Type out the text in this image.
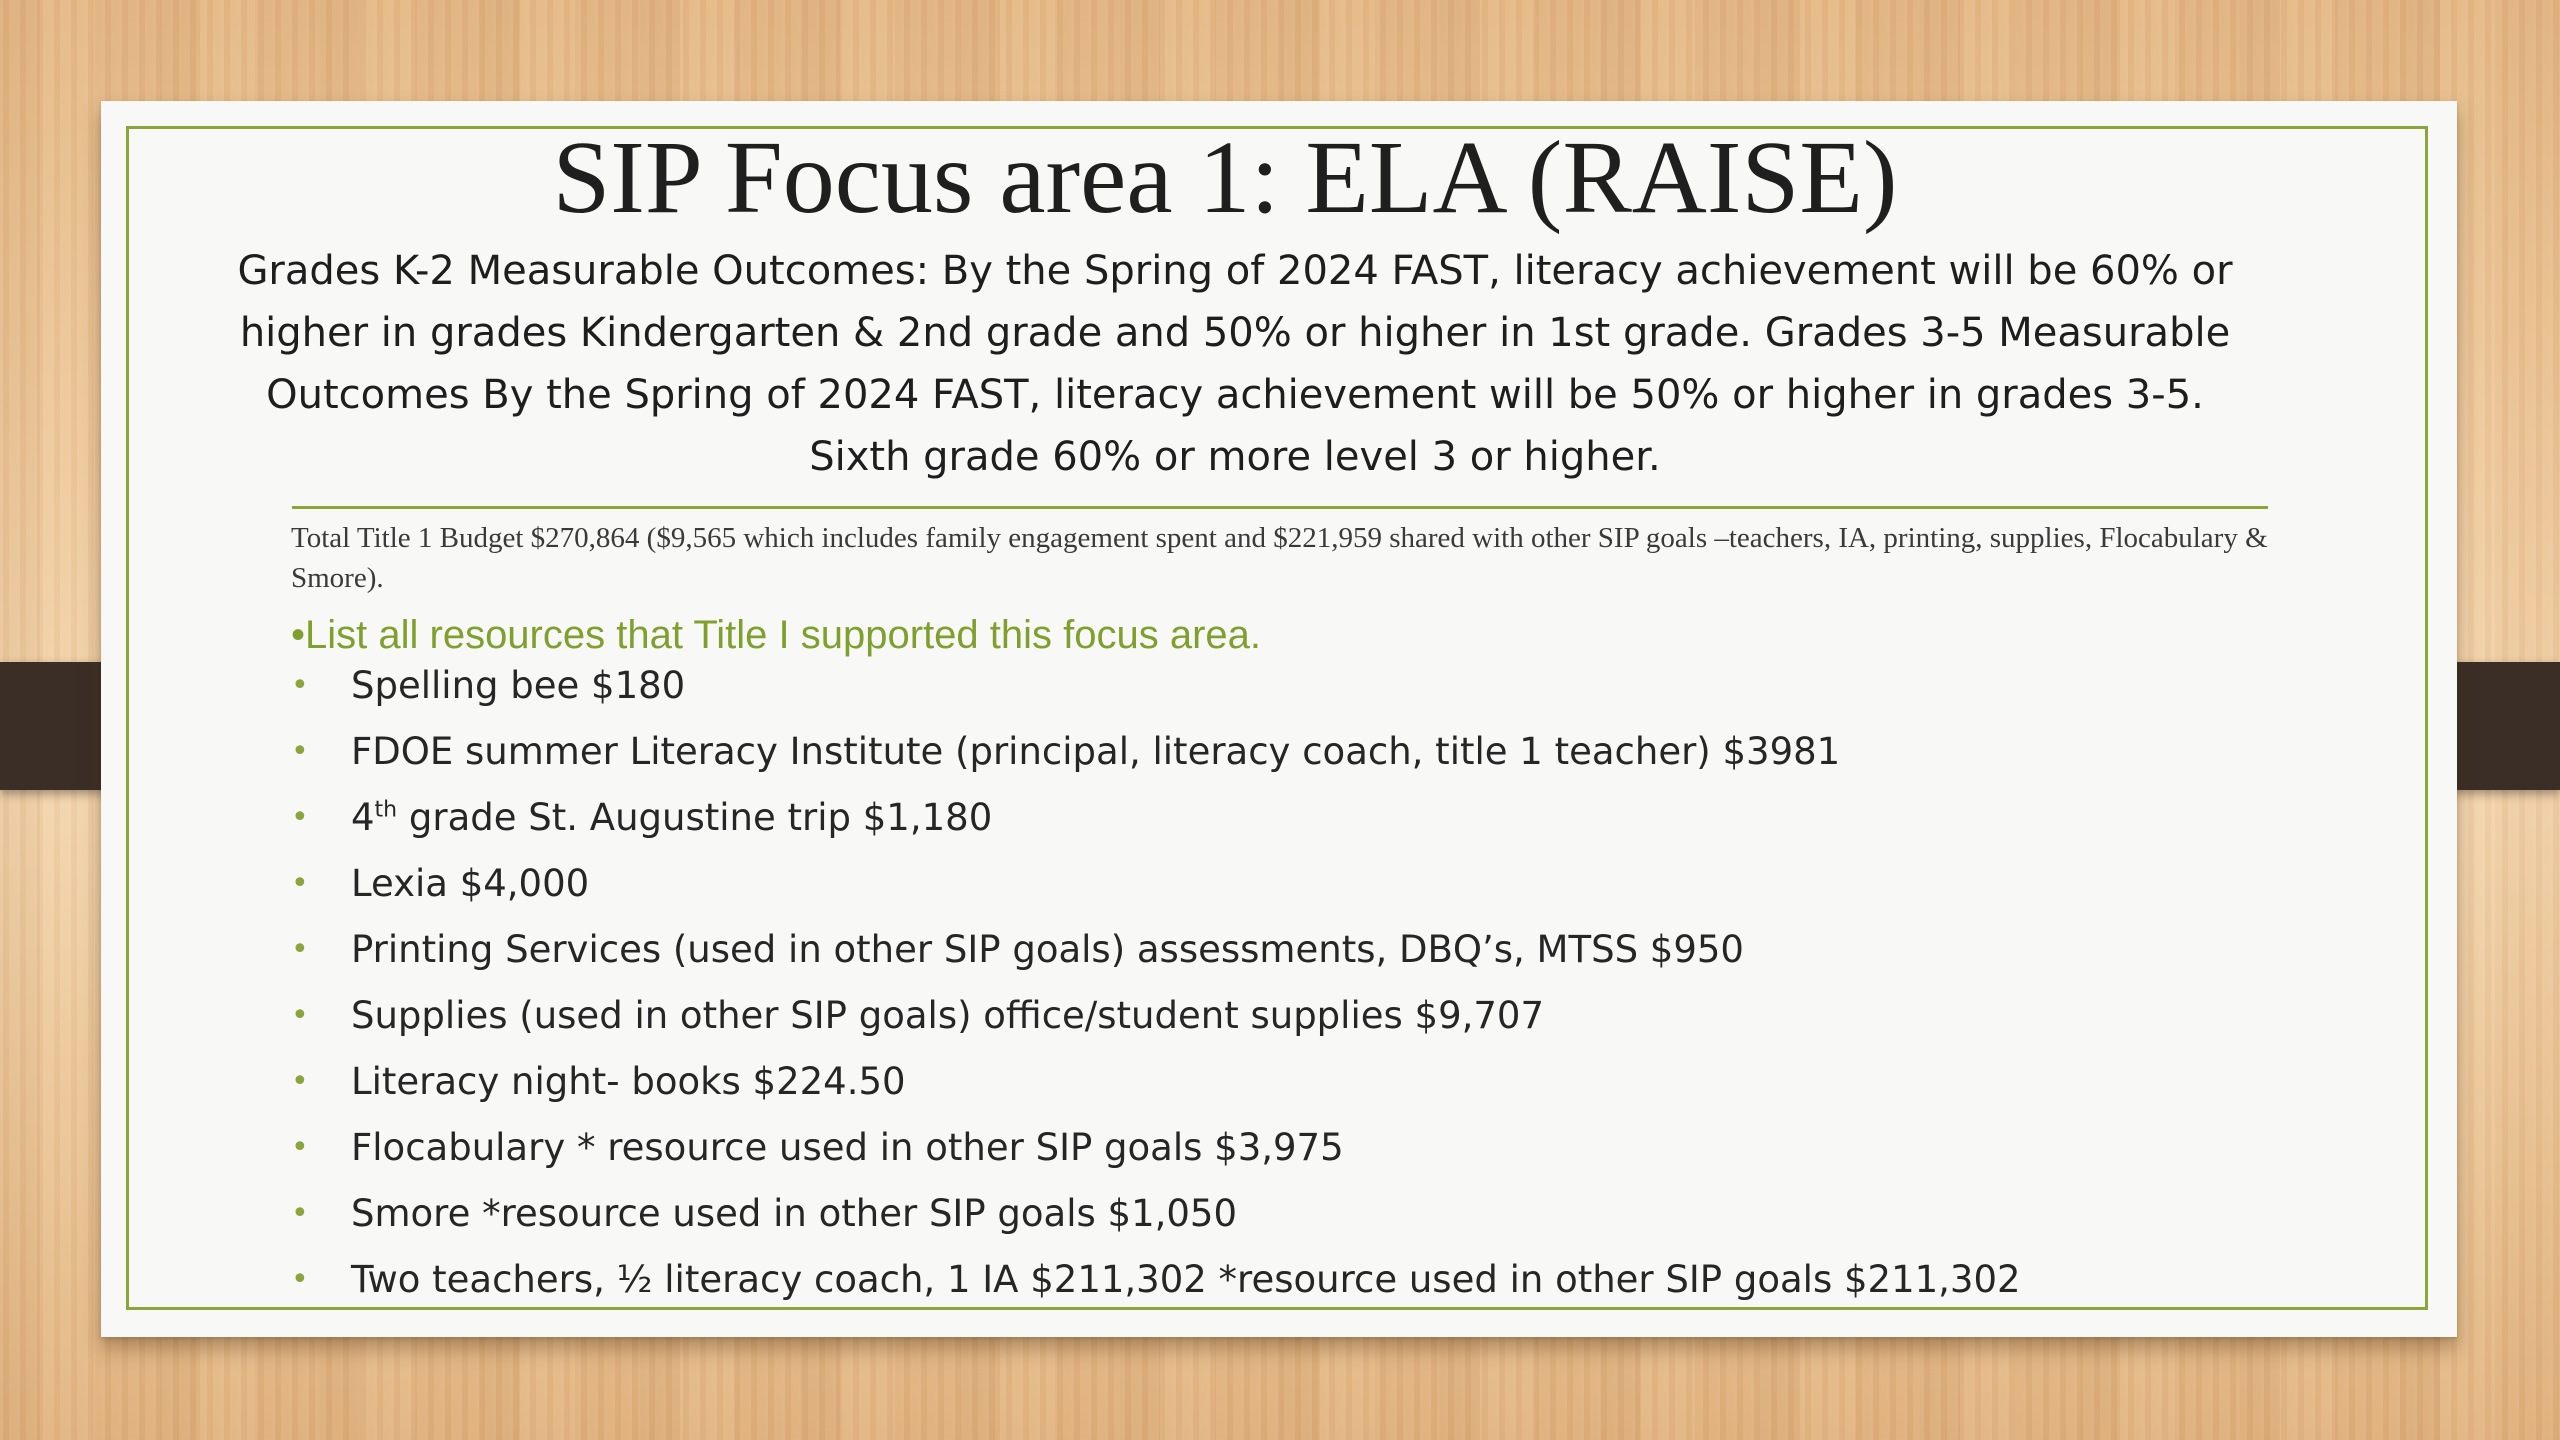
SIP Focus area 1: ELA (RAISE)
Grades K-2 Measurable Outcomes: By the Spring of 2024 FAST, literacy achievement will be 60% or higher in grades Kindergarten & 2nd grade and 50% or higher in 1st grade. Grades 3-5 Measurable Outcomes By the Spring of 2024 FAST, literacy achievement will be 50% or higher in grades 3-5. Sixth grade 60% or more level 3 or higher.
Total Title 1 Budget $270,864 ($9,565 which includes family engagement spent and $221,959 shared with other SIP goals –teachers, IA, printing, supplies, Flocabulary & Smore).
•List all resources that Title I supported this focus area.
•	Spelling bee $180
•	FDOE summer Literacy Institute (principal, literacy coach, title 1 teacher) $3981
•	4th grade St. Augustine trip $1,180
•	Lexia $4,000
•	Printing Services (used in other SIP goals) assessments, DBQ’s, MTSS $950
•	Supplies (used in other SIP goals) office/student supplies $9,707
•	Literacy night- books $224.50
•	Flocabulary * resource used in other SIP goals $3,975
•	Smore *resource used in other SIP goals $1,050
•	Two teachers, ½ literacy coach, 1 IA $211,302 *resource used in other SIP goals $211,302
